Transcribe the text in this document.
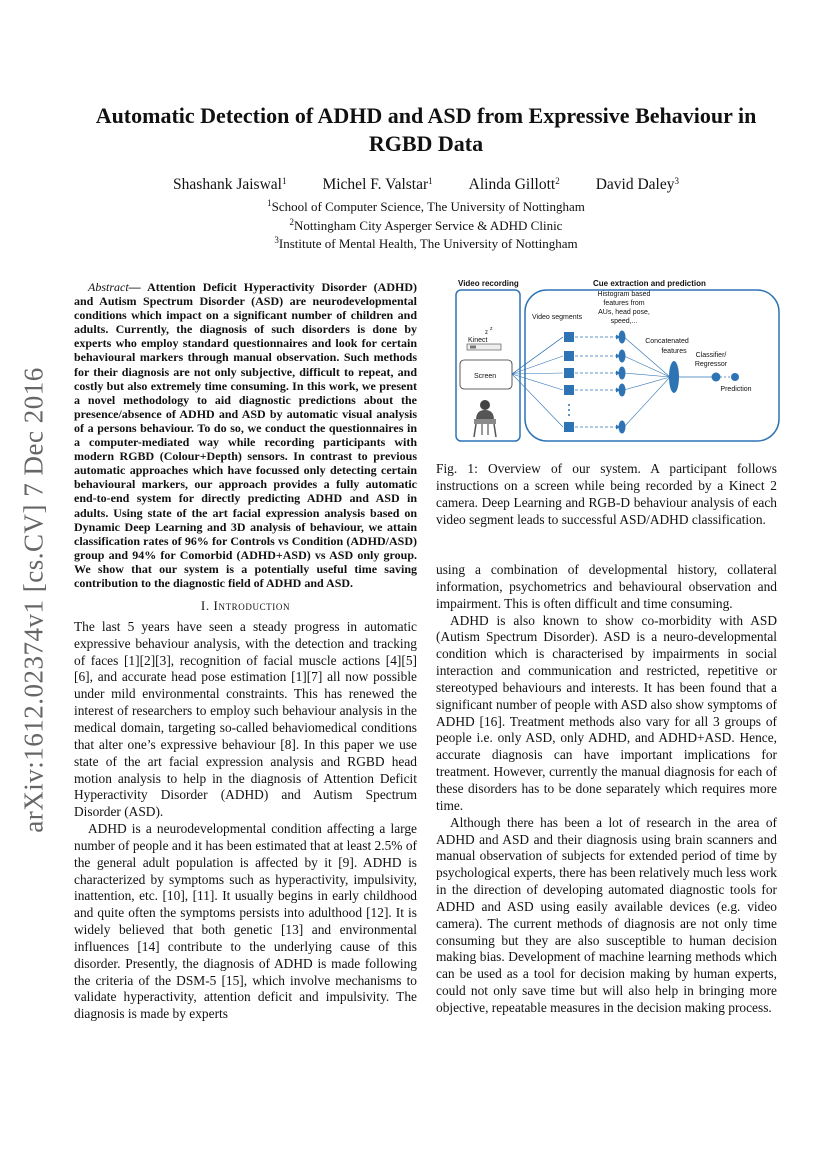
arXiv:1612.02374v1 [cs.CV] 7 Dec 2016
Automatic Detection of ADHD and ASD from Expressive Behaviour in RGBD Data
Shashank Jaiswal$^1$ Michel F. Valstar$^1$ Alinda Gillott$^2$ David Daley$^3$
$^1$School of Computer Science, The University of Nottingham
$^2$Nottingham City Asperger Service & ADHD Clinic
$^3$Institute of Mental Health, The University of Nottingham

Abstract— Attention Deficit Hyperactivity Disorder (ADHD) and Autism Spectrum Disorder (ASD) are neurodevelopmental conditions which impact on a significant number of children and adults. Currently, the diagnosis of such disorders is done by experts who employ standard questionnaires and look for certain behavioural markers through manual observation. Such methods for their diagnosis are not only subjective, difficult to repeat, and costly but also extremely time consuming. In this work, we present a novel methodology to aid diagnostic predictions about the presence/absence of ADHD and ASD by automatic visual analysis of a persons behaviour. To do so, we conduct the questionnaires in a computer-mediated way while recording participants with modern RGBD (Colour+Depth) sensors. In contrast to previous automatic approaches which have focussed only detecting certain behavioural markers, our approach provides a fully automatic end-to-end system for directly predicting ADHD and ASD in adults. Using state of the art facial expression analysis based on Dynamic Deep Learning and 3D analysis of behaviour, we attain classification rates of 96% for Controls vs Condition (ADHD/ASD) group and 94% for Comorbid (ADHD+ASD) vs ASD only group. We show that our system is a potentially useful time saving contribution to the diagnostic field of ADHD and ASD.

I. Introduction

The last 5 years have seen a steady progress in automatic expressive behaviour analysis, with the detection and tracking of faces [1][2][3], recognition of facial muscle actions [4][5][6], and accurate head pose estimation [1][7] all now possible under mild environmental constraints. This has renewed the interest of researchers to employ such behaviour analysis in the medical domain, targeting so-called behaviomedical conditions that alter one’s expressive behaviour [8]. In this paper we use state of the art facial expression analysis and RGBD head motion analysis to help in the diagnosis of Attention Deficit Hyperactivity Disorder (ADHD) and Autism Spectrum Disorder (ASD).

ADHD is a neurodevelopmental condition affecting a large number of people and it has been estimated that at least 2.5% of the general adult population is affected by it [9]. ADHD is characterized by symptoms such as hyperactivity, impulsivity, inattention, etc. [10], [11]. It usually begins in early childhood and quite often the symptoms persists into adulthood [12]. It is widely believed that both genetic [13] and environmental influences [14] contribute to the underlying cause of this disorder. Presently, the diagnosis of ADHD is made following the criteria of the DSM-5 [15], which involve mechanisms to validate hyperactivity, attention deficit and impulsivity. The diagnosis is made by experts

Video recording	Cue extraction and prediction
Kinect
z
z
Screen
Video segments
Histogram based
features from
AUs, head pose,
speed,...
Concatenated
features
Classifier/
Regressor
Prediction
Fig. 1: Overview of our system. A participant follows instructions on a screen while being recorded by a Kinect 2 camera. Deep Learning and RGB-D behaviour analysis of each video segment leads to successful ASD/ADHD classification.

using a combination of developmental history, collateral information, psychometrics and behavioural observation and impairment. This is often difficult and time consuming.

ADHD is also known to show co-morbidity with ASD (Autism Spectrum Disorder). ASD is a neuro-developmental condition which is characterised by impairments in social interaction and communication and restricted, repetitive or stereotyped behaviours and interests. It has been found that a significant number of people with ASD also show symptoms of ADHD [16]. Treatment methods also vary for all 3 groups of people i.e. only ASD, only ADHD, and ADHD+ASD. Hence, accurate diagnosis can have important implications for treatment. However, currently the manual diagnosis for each of these disorders has to be done separately which requires more time.

Although there has been a lot of research in the area of ADHD and ASD and their diagnosis using brain scanners and manual observation of subjects for extended period of time by psychological experts, there has been relatively much less work in the direction of developing automated diagnostic tools for ADHD and ASD using easily available devices (e.g. video camera). The current methods of diagnosis are not only time consuming but they are also susceptible to human decision making bias. Development of machine learning methods which can be used as a tool for decision making by human experts, could not only save time but will also help in bringing more objective, repeatable measures in the decision making process.
